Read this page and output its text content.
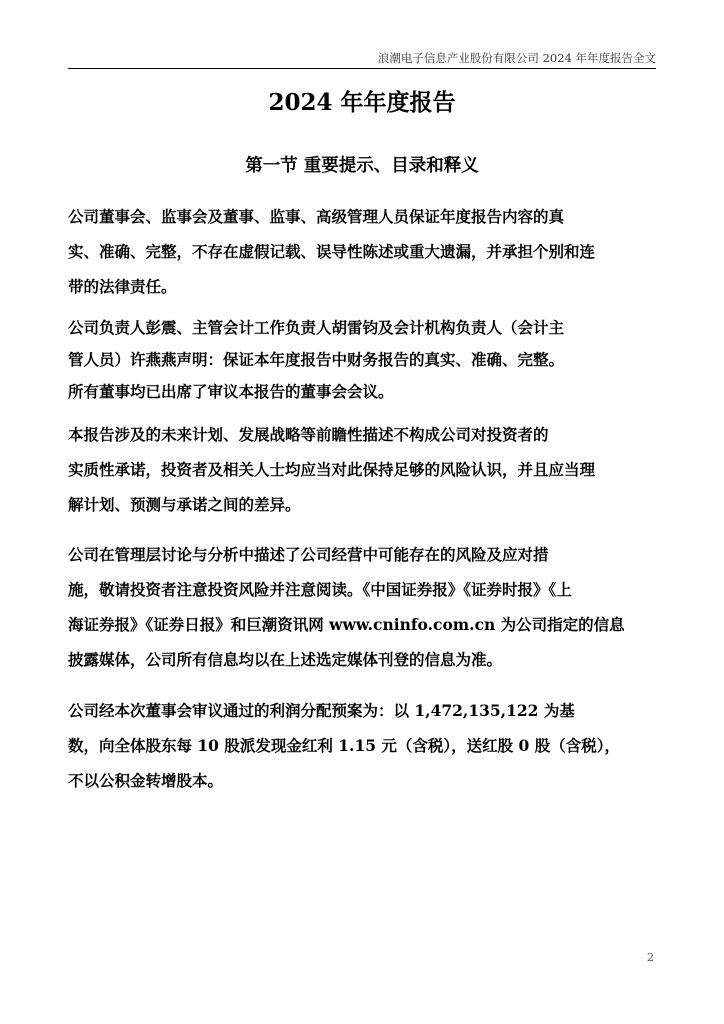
浪潮电子信息产业股份有限公司 2024 年年度报告全文
2024 年年度报告
第一节 重要提示、目录和释义
公司董事会、监事会及董事、监事、高级管理人员保证年度报告内容的真
实、准确、完整，不存在虚假记载、误导性陈述或重大遗漏，并承担个别和连
带的法律责任。
公司负责人彭震、主管会计工作负责人胡雷钧及会计机构负责人（会计主
管人员）许燕燕声明：保证本年度报告中财务报告的真实、准确、完整。
所有董事均已出席了审议本报告的董事会会议。
本报告涉及的未来计划、发展战略等前瞻性描述不构成公司对投资者的
实质性承诺，投资者及相关人士均应当对此保持足够的风险认识，并且应当理
解计划、预测与承诺之间的差异。
公司在管理层讨论与分析中描述了公司经营中可能存在的风险及应对措
施，敬请投资者注意投资风险并注意阅读。《中国证券报》《证券时报》《上
海证券报》《证券日报》和巨潮资讯网 www.cninfo.com.cn 为公司指定的信息
披露媒体，公司所有信息均以在上述选定媒体刊登的信息为准。
公司经本次董事会审议通过的利润分配预案为：以 1,472,135,122 为基
数，向全体股东每 10 股派发现金红利 1.15 元（含税），送红股 0 股（含税），
不以公积金转增股本。
2
